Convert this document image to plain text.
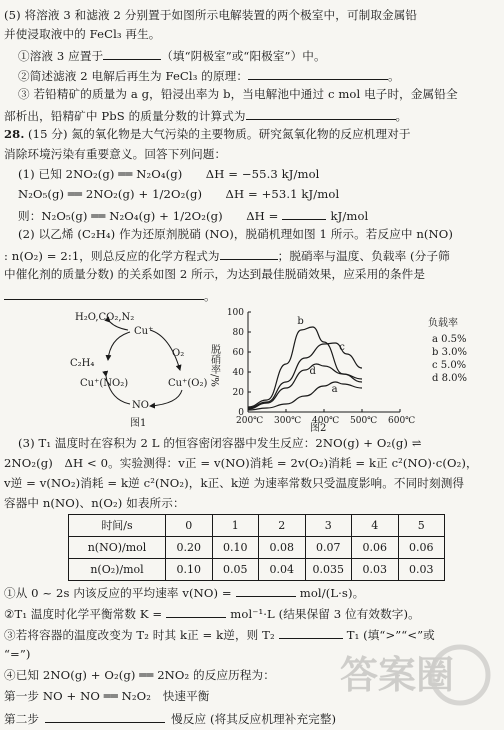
(5) 将溶液 3 和滤液 2 分别置于如图所示电解装置的两个极室中，可制取金属铅
并使浸取液中的 FeCl₃ 再生。
①溶液 3 应置于	（填“阴极室”或“阳极室”）中。
②简述滤液 2 电解后再生为 FeCl₃ 的原理：	。
③ 若铅精矿的质量为 a g，铅浸出率为 b，当电解池中通过 c mol 电子时，金属铅全
部析出，铅精矿中 PbS 的质量分数的计算式为	。
28. (15 分) 氮的氧化物是大气污染的主要物质。研究氮氧化物的反应机理对于
消除环境污染有重要意义。回答下列问题：
(1) 已知 2NO₂(g) ══ N₂O₄(g)　　ΔH = −55.3 kJ/mol
N₂O₅(g) ══ 2NO₂(g) + 1/2O₂(g)　　ΔH = +53.1 kJ/mol
则：N₂O₅(g) ══ N₂O₄(g) + 1/2O₂(g)　　ΔH =	kJ/mol
(2) 以乙烯 (C₂H₄) 作为还原剂脱硝 (NO)，脱硝机理如图 1 所示。若反应中 n(NO)
: n(O₂) = 2:1，则总反应的化学方程式为	；脱硝率与温度、负载率 (分子筛
中催化剂的质量分数) 的关系如图 2 所示，为达到最佳脱硝效果，应采用的条件是
。
H₂O,CO₂,N₂
Cu⁺
C₂H₄
O₂
Cu⁺(NO₂)	Cu⁺(O₂)
NO
图1	200℃ 300℃ 400℃ 500℃ 600℃
0
20
40
60
80
100
a
b
c
d
负载率
a 0.5%
b 3.0%
c 5.0%
d 8.0%
脱硝率/%
图2
(3) T₁ 温度时在容积为 2 L 的恒容密闭容器中发生反应：2NO(g) + O₂(g) ⇌
2NO₂(g)　ΔH < 0。实验测得：v正 = v(NO)消耗 = 2v(O₂)消耗 = k正 c²(NO)·c(O₂)，
v逆 = v(NO₂)消耗 = k逆 c²(NO₂)，k正、k逆 为速率常数只受温度影响。不同时刻测得
容器中 n(NO)、n(O₂) 如表所示：
时间/s	0	1	2	3	4	5
n(NO)/mol	0.20	0.10	0.08	0.07	0.06	0.06
n(O₂)/mol	0.10	0.05	0.04	0.035	0.03	0.03
①从 0 ~ 2s 内该反应的平均速率 v(NO) =	mol/(L·s)。
②T₁ 温度时化学平衡常数 K =	mol⁻¹·L (结果保留 3 位有效数字)。
③若将容器的温度改变为 T₂ 时其 k正 = k逆，则 T₂	T₁ (填“>”“<”或
“=”)
④已知 2NO(g) + O₂(g) ══ 2NO₂ 的反应历程为：
第一步 NO + NO ══ N₂O₂　快速平衡
第二步	慢反应 (将其反应机理补充完整)
答案圈
